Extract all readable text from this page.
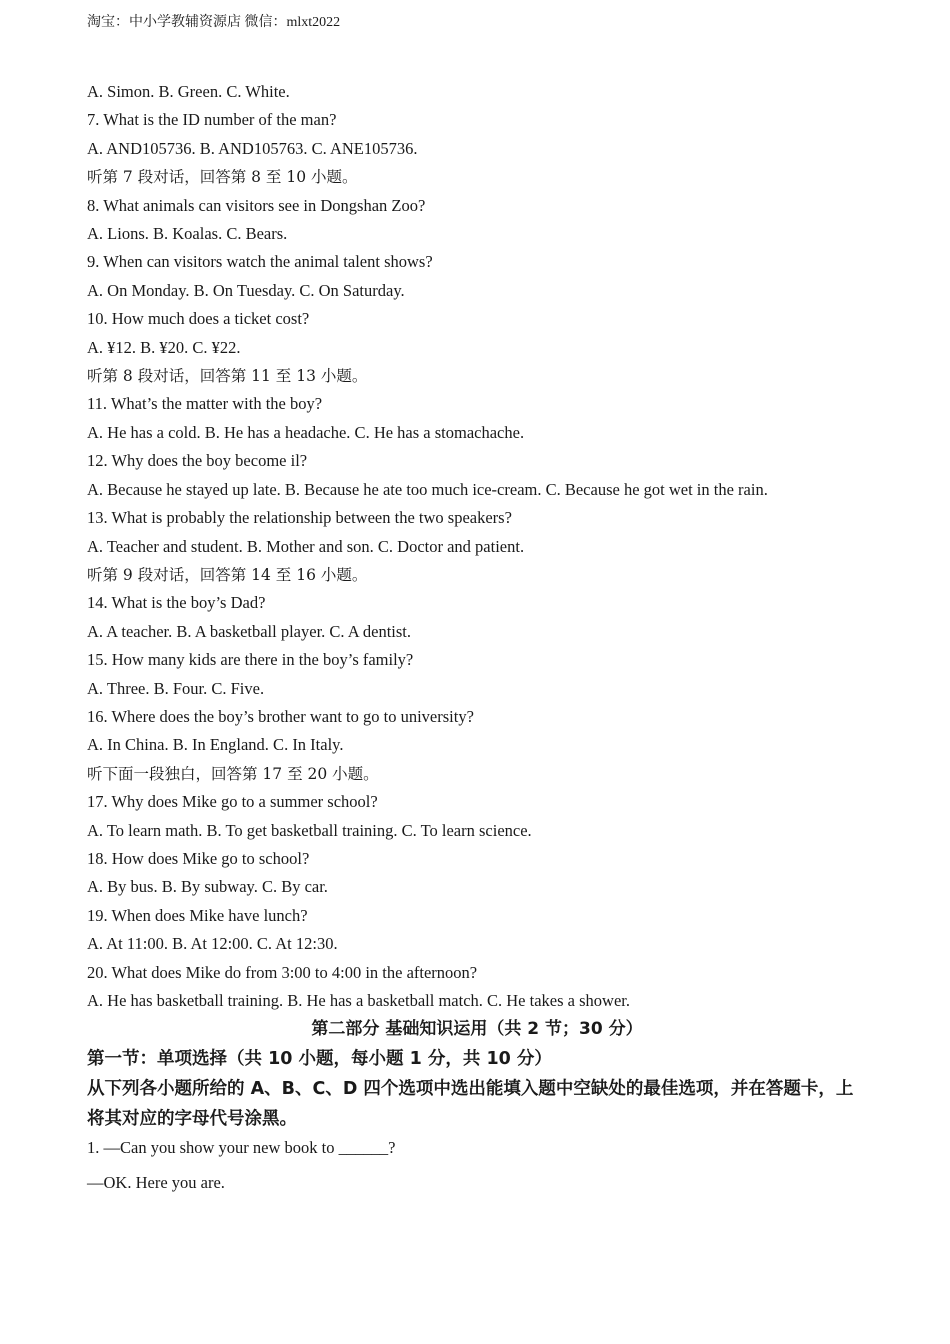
淘宝：中小学教辅资源店 微信：mlxt2022
A. Simon. B. Green. C. White.
7. What is the ID number of the man?
A. AND105736. B. AND105763. C. ANE105736.
听第 7 段对话，回答第 8 至 10 小题。
8. What animals can visitors see in Dongshan Zoo?
A. Lions. B. Koalas. C. Bears.
9. When can visitors watch the animal talent shows?
A. On Monday. B. On Tuesday. C. On Saturday.
10. How much does a ticket cost?
A. ¥12. B. ¥20. C. ¥22.
听第 8 段对话，回答第 11 至 13 小题。
11. What’s the matter with the boy?
A. He has a cold. B. He has a headache. C. He has a stomachache.
12. Why does the boy become il?
A. Because he stayed up late. B. Because he ate too much ice-cream. C. Because he got wet in the rain.
13. What is probably the relationship between the two speakers?
A. Teacher and student. B. Mother and son. C. Doctor and patient.
听第 9 段对话，回答第 14 至 16 小题。
14. What is the boy’s Dad?
A. A teacher. B. A basketball player. C. A dentist.
15. How many kids are there in the boy’s family?
A. Three. B. Four. C. Five.
16. Where does the boy’s brother want to go to university?
A. In China. B. In England. C. In Italy.
听下面一段独白，回答第 17 至 20 小题。
17. Why does Mike go to a summer school?
A. To learn math. B. To get basketball training. C. To learn science.
18. How does Mike go to school?
A. By bus. B. By subway. C. By car.
19. When does Mike have lunch?
A. At 11:00. B. At 12:00. C. At 12:30.
20. What does Mike do from 3:00 to 4:00 in the afternoon?
A. He has basketball training. B. He has a basketball match. C. He takes a shower.
第二部分 基础知识运用（共 2 节；30 分）
第一节：单项选择（共 10 小题，每小题 1 分，共 10 分）
从下列各小题所给的 A、B、C、D 四个选项中选出能填入题中空缺处的最佳选项，并在答题卡，上将其对应的字母代号涂黑。
1. —Can you show your new book to ______?
—OK. Here you are.
